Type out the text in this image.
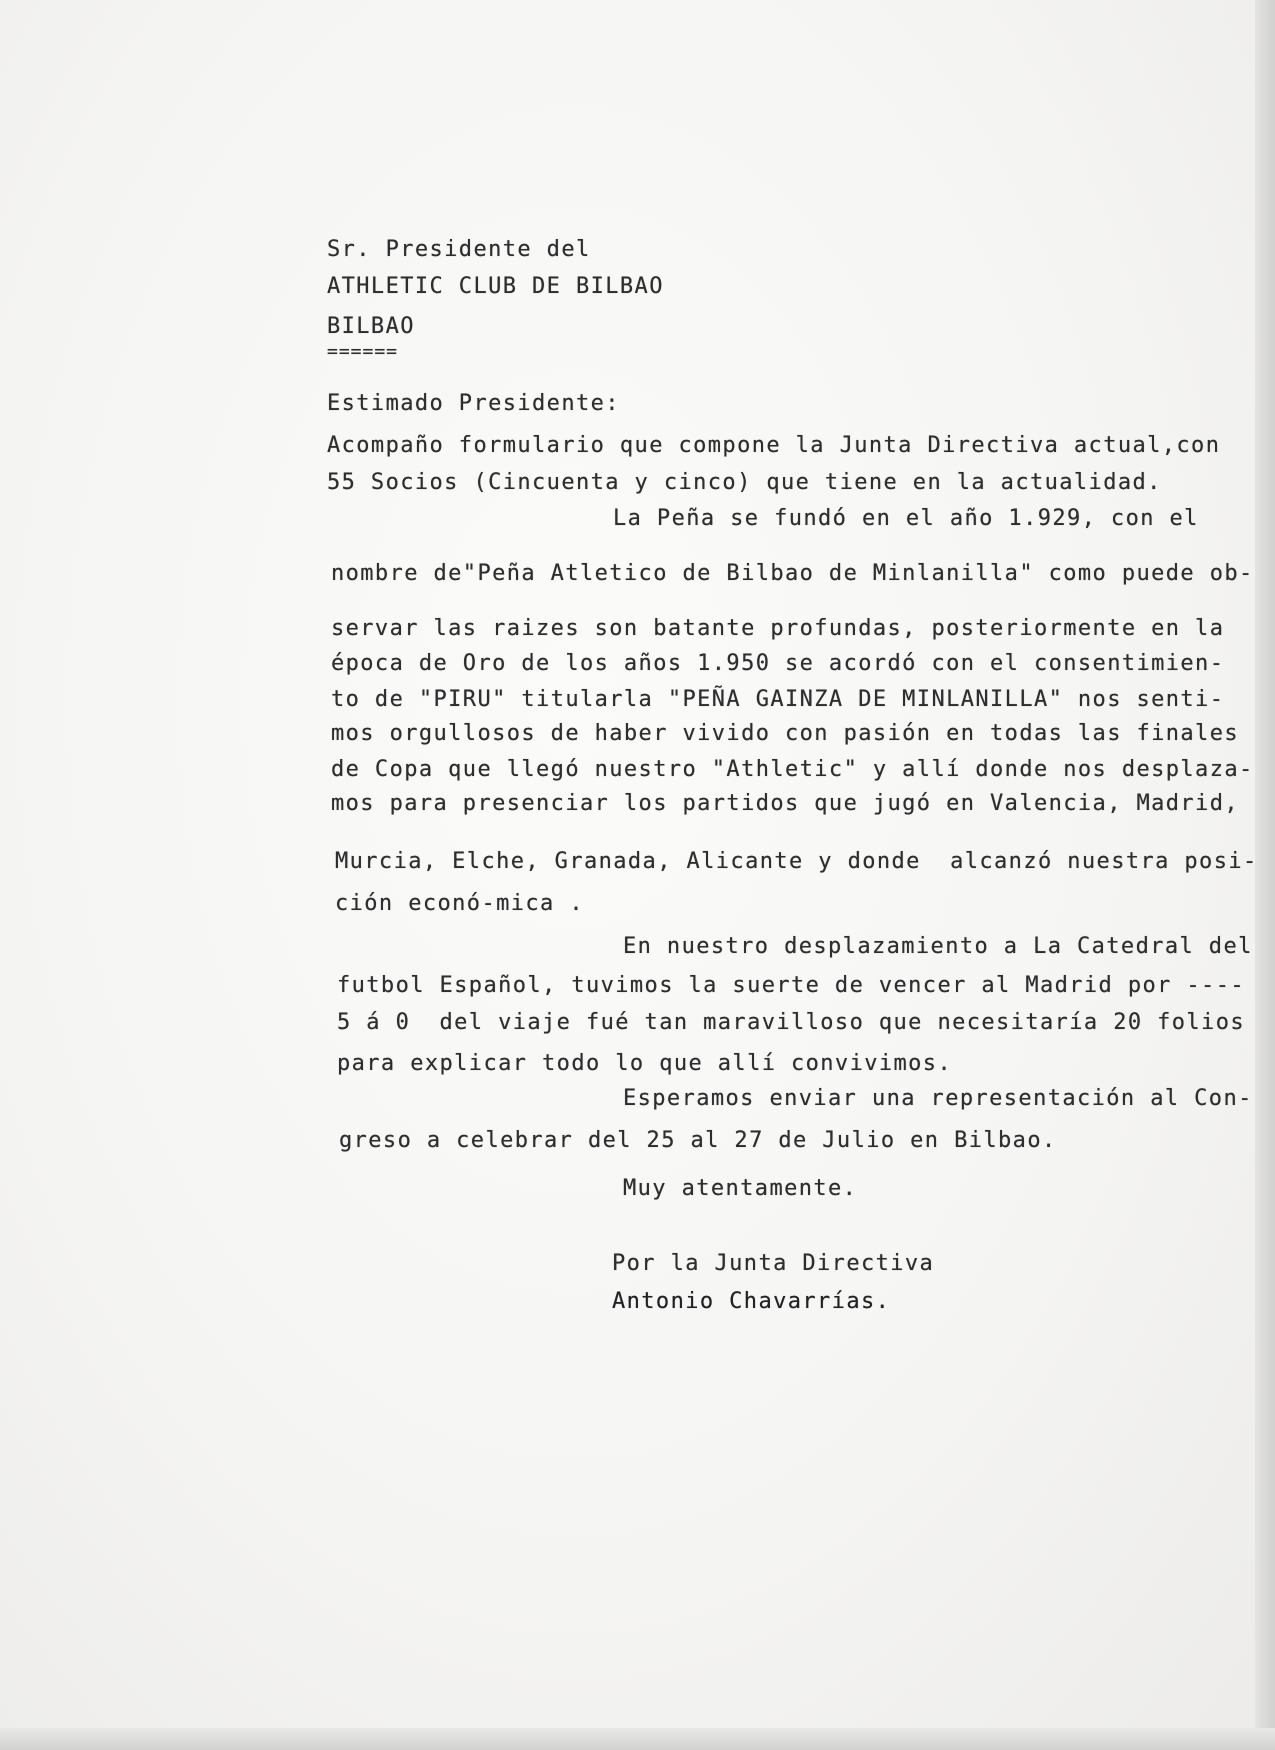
Sr. Presidente del

ATHLETIC CLUB DE BILBAO

BILBAO

======

Estimado Presidente:

Acompaño formulario que compone la Junta Directiva actual,con

55 Socios (Cincuenta y cinco) que tiene en la actualidad.

La Peña se fundó en el año 1.929, con el

nombre de"Peña Atletico de Bilbao de Minlanilla" como puede ob-

servar las raizes son batante profundas, posteriormente en la

época de Oro de los años 1.950 se acordó con el consentimien-

to de "PIRU" titularla "PEÑA GAINZA DE MINLANILLA" nos senti-

mos orgullosos de haber vivido con pasión en todas las finales

de Copa que llegó nuestro "Athletic" y allí donde nos desplaza-

mos para presenciar los partidos que jugó en Valencia, Madrid,

Murcia, Elche, Granada, Alicante y donde  alcanzó nuestra posi-

ción econó-mica .

En nuestro desplazamiento a La Catedral del

futbol Español, tuvimos la suerte de vencer al Madrid por ----

5 á 0  del viaje fué tan maravilloso que necesitaría 20 folios

para explicar todo lo que allí convivimos.

Esperamos enviar una representación al Con-

greso a celebrar del 25 al 27 de Julio en Bilbao.

Muy atentamente.

Por la Junta Directiva

Antonio Chavarrías.
